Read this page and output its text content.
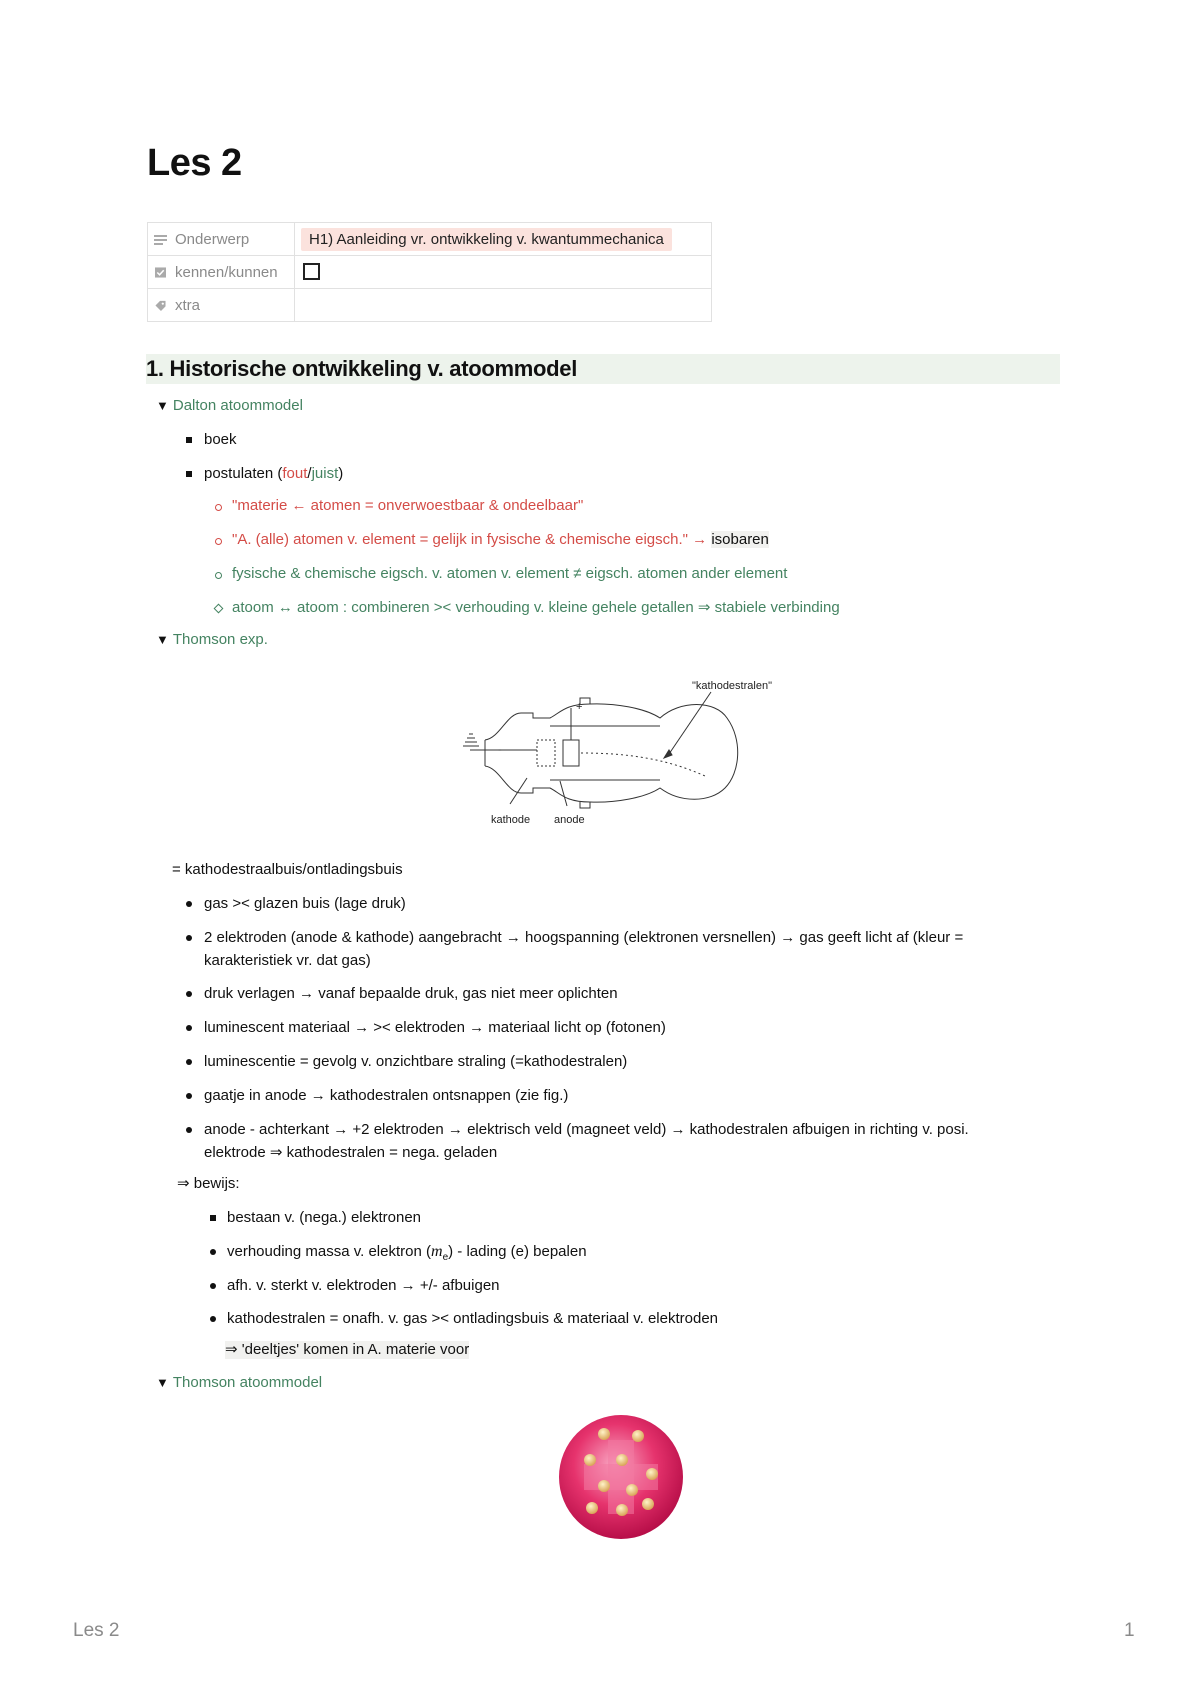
Les 2
Onderwerp	H1) Aanleiding vr. ontwikkeling v. kwantummechanica
kennen/kunnen	
xtra	
1. Historische ontwikkeling v. atoommodel
▼ Dalton atoommodel
boek
postulaten (fout/juist)
"materie ← atomen = onverwoestbaar & ondeelbaar"
"A. (alle) atomen v. element = gelijk in fysische & chemische eigsch." → isobaren
fysische & chemische eigsch. v. atomen v. element ≠ eigsch. atomen ander element
atoom ↔ atoom : combineren >< verhouding v. kleine gehele getallen ⇒ stabiele verbinding
▼ Thomson exp.
"kathodestralen"
kathode anode
+
-
= kathodestraalbuis/ontladingsbuis
gas >< glazen buis (lage druk)
2 elektroden (anode & kathode) aangebracht → hoogspanning (elektronen versnellen) → gas geeft licht af (kleur = karakteristiek vr. dat gas)
druk verlagen → vanaf bepaalde druk, gas niet meer oplichten
luminescent materiaal → >< elektroden → materiaal licht op (fotonen)
luminescentie = gevolg v. onzichtbare straling (=kathodestralen)
gaatje in anode → kathodestralen ontsnappen (zie fig.)
anode - achterkant → +2 elektroden → elektrisch veld (magneet veld) → kathodestralen afbuigen in richting v. posi. elektrode ⇒ kathodestralen = nega. geladen
⇒ bewijs:
bestaan v. (nega.) elektronen
verhouding massa v. elektron $(m_e)$ - lading (e) bepalen
afh. v. sterkt v. elektroden → +/- afbuigen
kathodestralen = onafh. v. gas >< ontladingsbuis & materiaal v. elektroden
⇒ 'deeltjes' komen in A. materie voor
▼ Thomson atoommodel
Les 2	1
